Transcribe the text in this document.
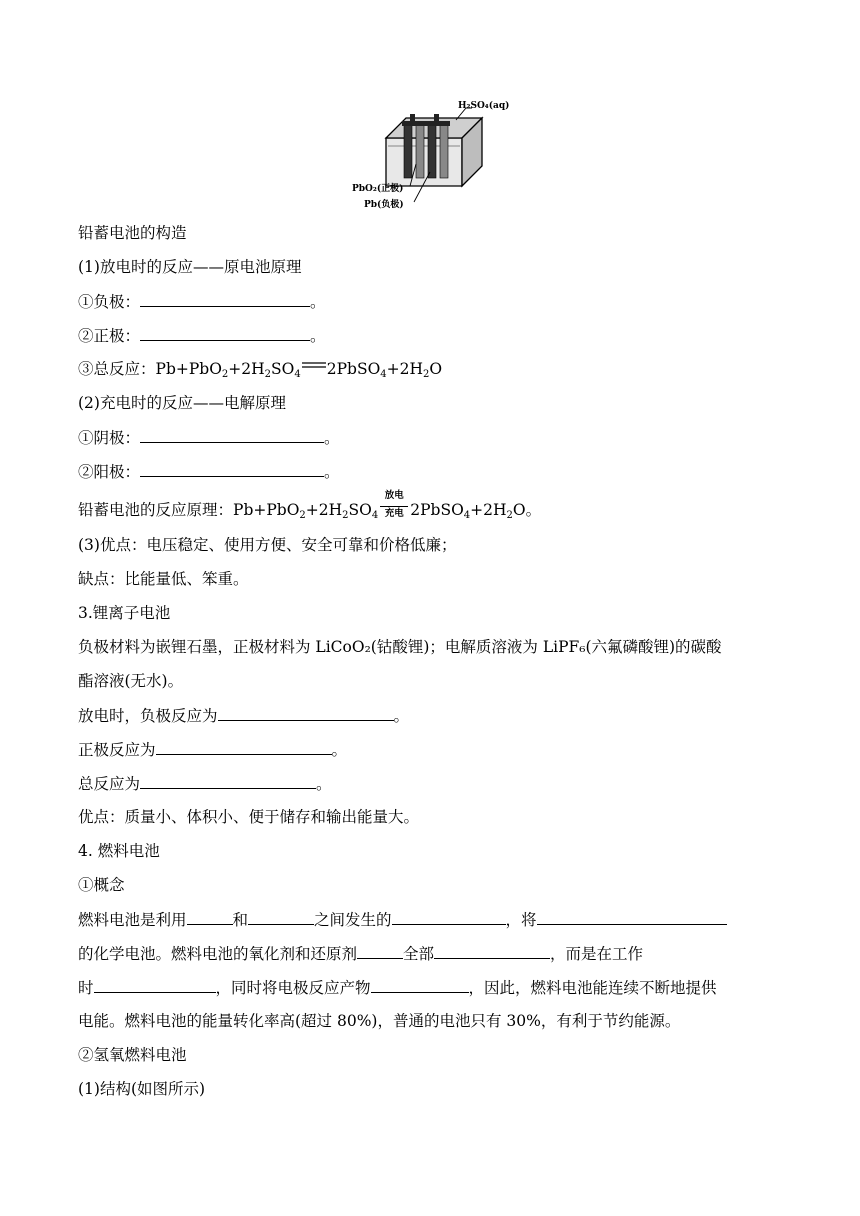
H₂SO₄(aq)
PbO₂(正极)
Pb(负极)
铅蓄电池的构造
(1)放电时的反应——原电池原理
①负极：	。
②正极：	。
③总反应：$Pb+PbO_2+2H_2SO_4$ $2PbSO_4+2H_2O$
(2)充电时的反应——电解原理
①阴极：	。
②阳极：	。
铅蓄电池的反应原理：$Pb+PbO_2+2H_2SO_4$
放电
充电 $2PbSO_4+2H_2O$。
(3)优点：电压稳定、使用方便、安全可靠和价格低廉；
缺点：比能量低、笨重。
3.锂离子电池
负极材料为嵌锂石墨，正极材料为 LiCoO₂(钴酸锂)；电解质溶液为 LiPF₆(六氟磷酸锂)的碳酸
酯溶液(无水)。
放电时，负极反应为	。
正极反应为	。
总反应为	。
优点：质量小、体积小、便于储存和输出能量大。
4. 燃料电池
①概念
燃料电池是利用	和	之间发生的	，将
的化学电池。燃料电池的氧化剂和还原剂	全部	，而是在工作
时	，同时将电极反应产物	，因此，燃料电池能连续不断地提供
电能。燃料电池的能量转化率高(超过 80%)，普通的电池只有 30%，有利于节约能源。
②氢氧燃料电池
(1)结构(如图所示)
